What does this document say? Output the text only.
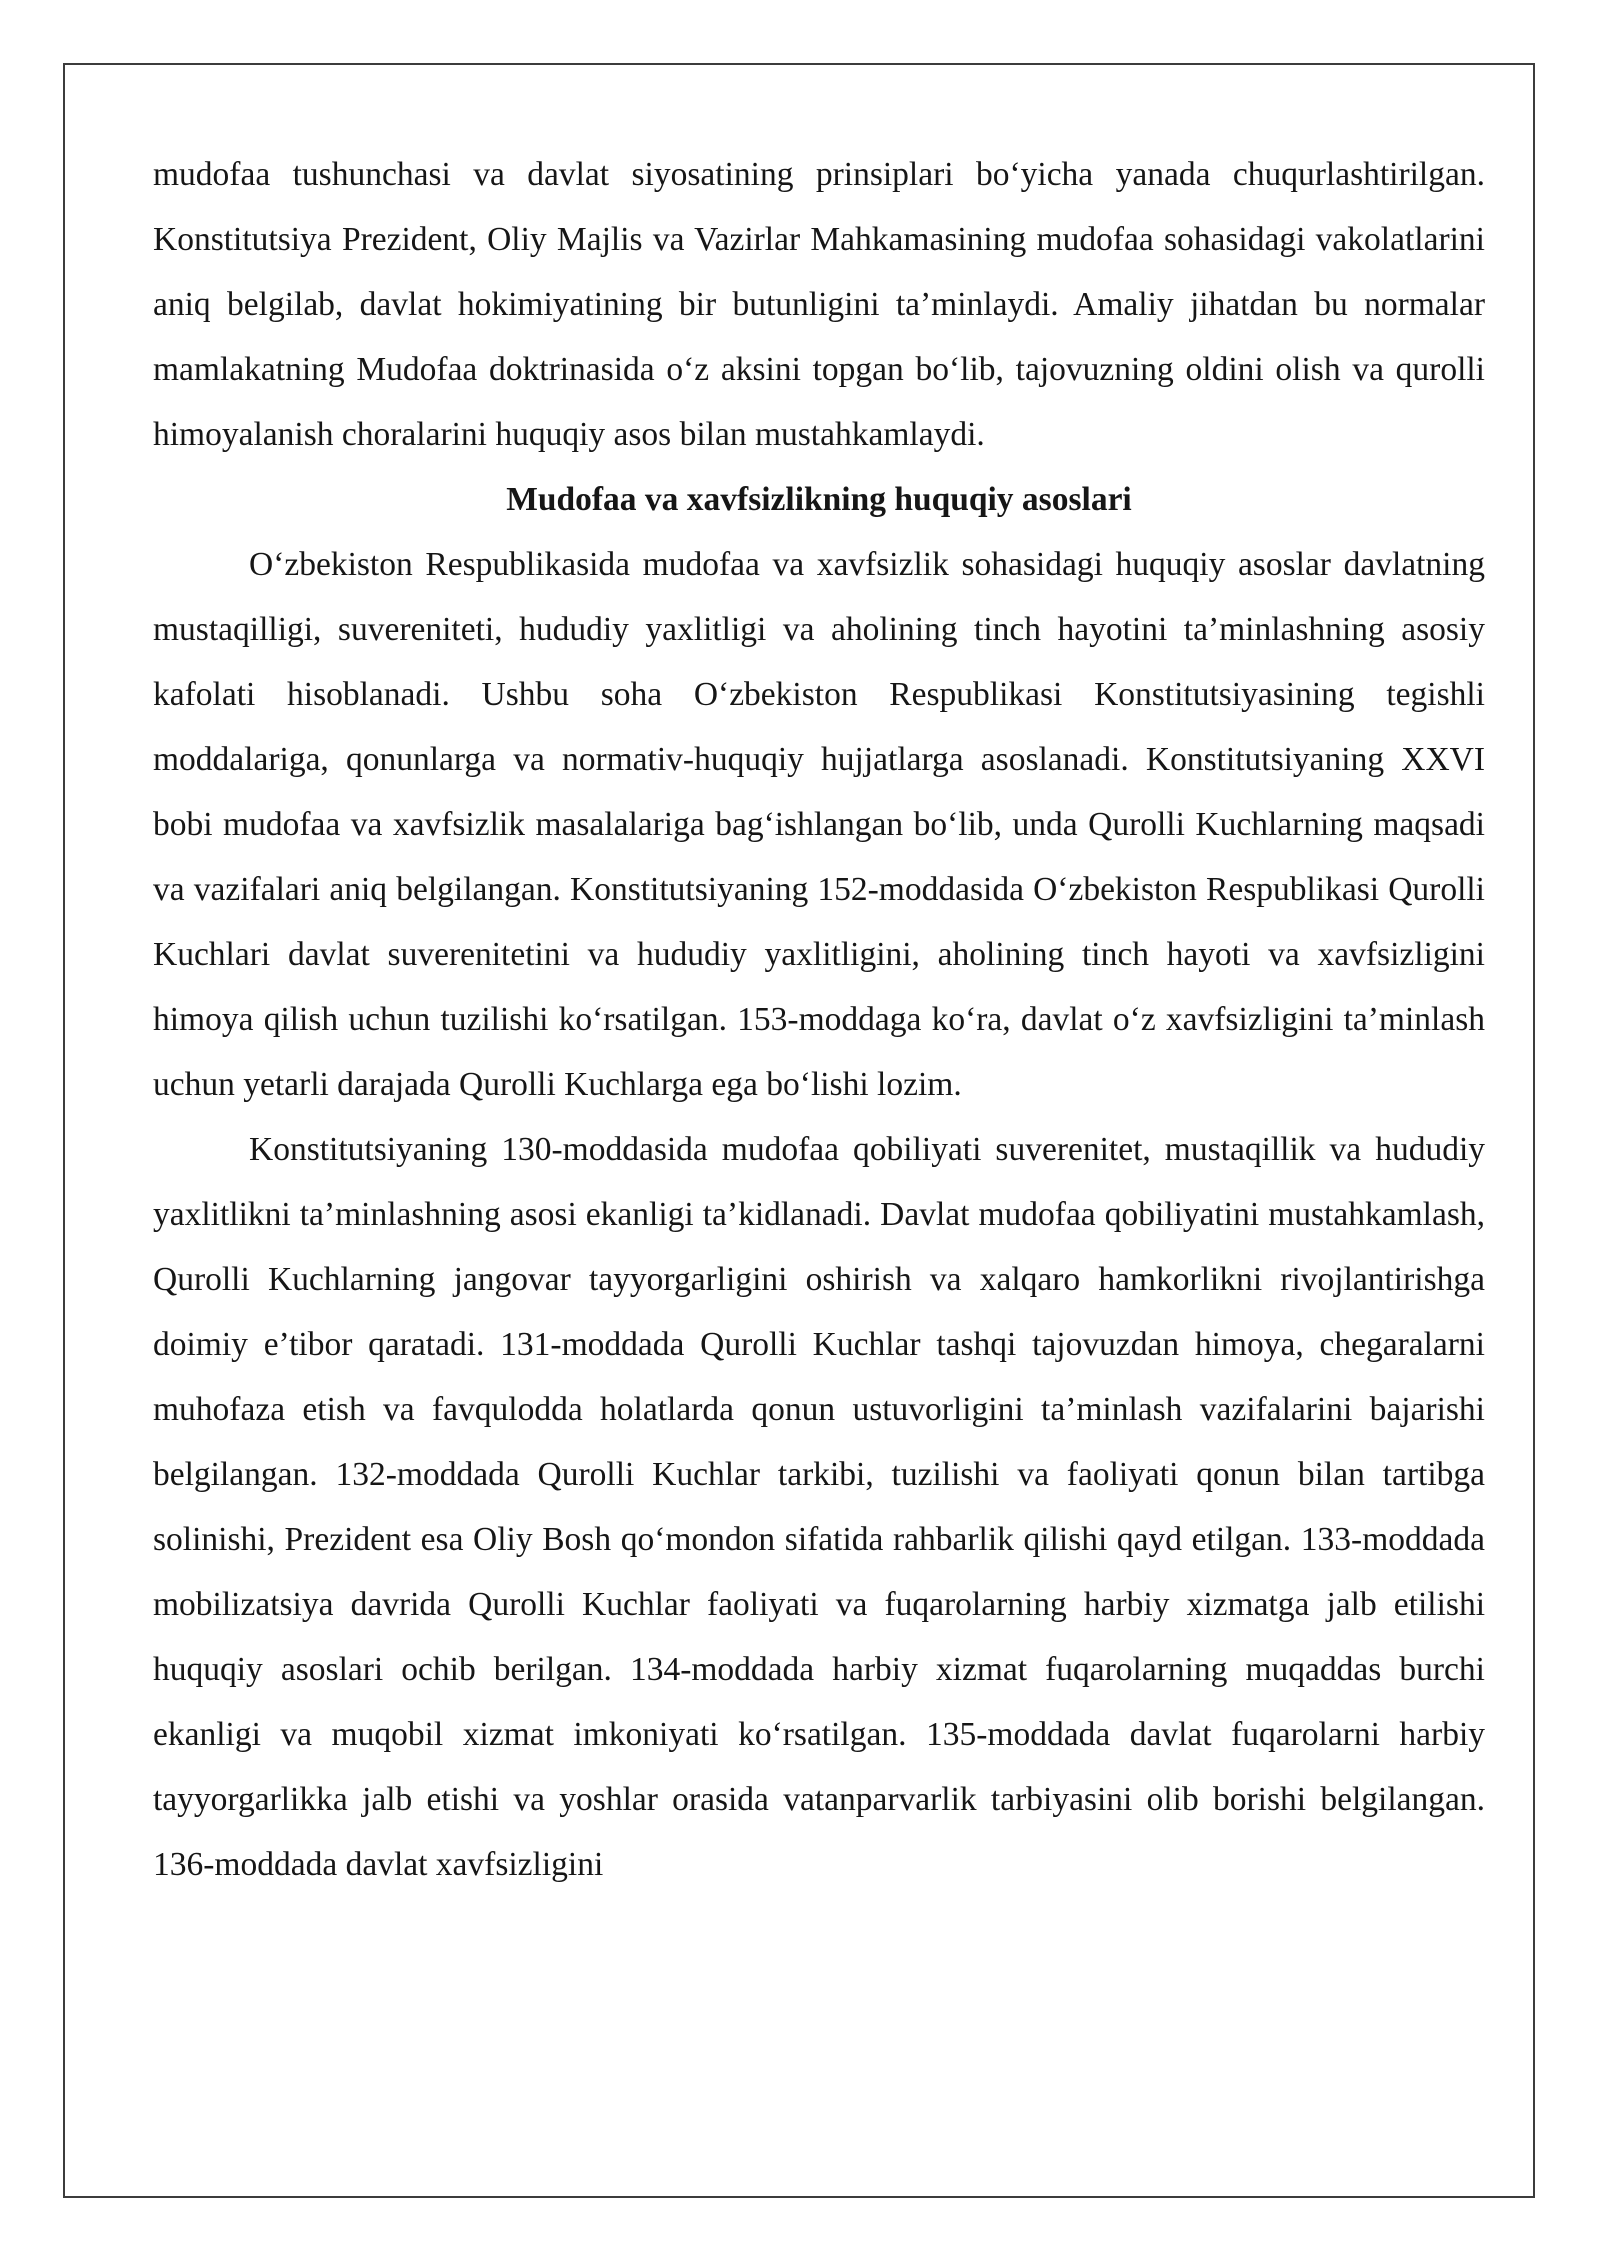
mudofaa tushunchasi va davlat siyosatining prinsiplari bo‘yicha yanada chuqurlashtirilgan. Konstitutsiya Prezident, Oliy Majlis va Vazirlar Mahkamasining mudofaa sohasidagi vakolatlarini aniq belgilab, davlat hokimiyatining bir butunligini ta’minlaydi. Amaliy jihatdan bu normalar mamlakatning Mudofaa doktrinasida o‘z aksini topgan bo‘lib, tajovuzning oldini olish va qurolli himoyalanish choralarini huquqiy asos bilan mustahkamlaydi.

Mudofaa va xavfsizlikning huquqiy asoslari

O‘zbekiston Respublikasida mudofaa va xavfsizlik sohasidagi huquqiy asoslar davlatning mustaqilligi, suvereniteti, hududiy yaxlitligi va aholining tinch hayotini ta’minlashning asosiy kafolati hisoblanadi. Ushbu soha O‘zbekiston Respublikasi Konstitutsiyasining tegishli moddalariga, qonunlarga va normativ-huquqiy hujjatlarga asoslanadi. Konstitutsiyaning XXVI bobi mudofaa va xavfsizlik masalalariga bag‘ishlangan bo‘lib, unda Qurolli Kuchlarning maqsadi va vazifalari aniq belgilangan. Konstitutsiyaning 152-moddasida O‘zbekiston Respublikasi Qurolli Kuchlari davlat suverenitetini va hududiy yaxlitligini, aholining tinch hayoti va xavfsizligini himoya qilish uchun tuzilishi ko‘rsatilgan. 153-moddaga ko‘ra, davlat o‘z xavfsizligini ta’minlash uchun yetarli darajada Qurolli Kuchlarga ega bo‘lishi lozim.

Konstitutsiyaning 130-moddasida mudofaa qobiliyati suverenitet, mustaqillik va hududiy yaxlitlikni ta’minlashning asosi ekanligi ta’kidlanadi. Davlat mudofaa qobiliyatini mustahkamlash, Qurolli Kuchlarning jangovar tayyorgarligini oshirish va xalqaro hamkorlikni rivojlantirishga doimiy e’tibor qaratadi. 131-moddada Qurolli Kuchlar tashqi tajovuzdan himoya, chegaralarni muhofaza etish va favqulodda holatlarda qonun ustuvorligini ta’minlash vazifalarini bajarishi belgilangan. 132-moddada Qurolli Kuchlar tarkibi, tuzilishi va faoliyati qonun bilan tartibga solinishi, Prezident esa Oliy Bosh qo‘mondon sifatida rahbarlik qilishi qayd etilgan. 133-moddada mobilizatsiya davrida Qurolli Kuchlar faoliyati va fuqarolarning harbiy xizmatga jalb etilishi huquqiy asoslari ochib berilgan. 134-moddada harbiy xizmat fuqarolarning muqaddas burchi ekanligi va muqobil xizmat imkoniyati ko‘rsatilgan. 135-moddada davlat fuqarolarni harbiy tayyorgarlikka jalb etishi va yoshlar orasida vatanparvarlik tarbiyasini olib borishi belgilangan. 136-moddada davlat xavfsizligini
